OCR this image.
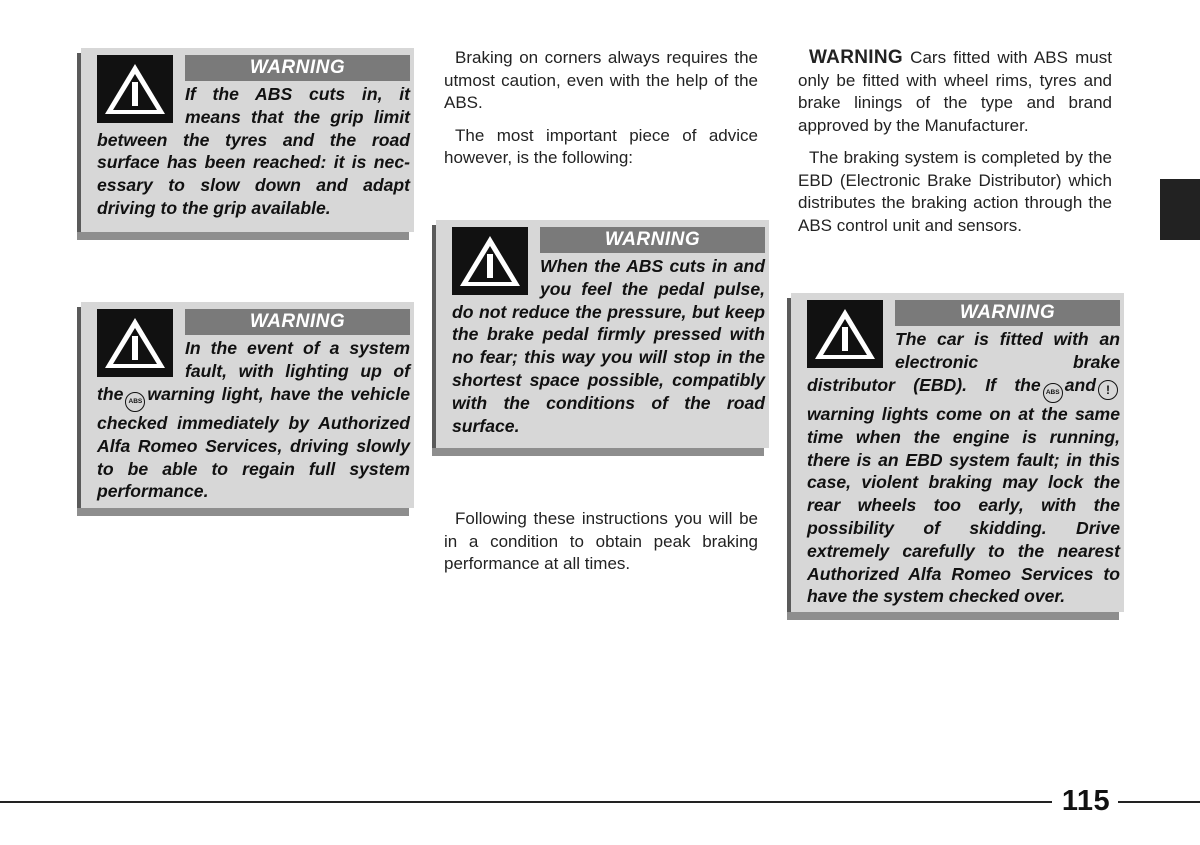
WARNING

If the ABS cuts in, it
means that the grip limit
between the tyres and the road
surface has been reached: it is nec-
essary to slow down and adapt
driving to the grip available.

WARNING

In the event of a system fault, with lighting up of the ABS warning light, have the vehicle checked immediately by Authorized Alfa Romeo Services, driving slowly to be able to regain full system performance.

Braking on corners always requires the utmost caution, even with the help of the ABS.

The most important piece of advice however, is the following:

WARNING

When the ABS cuts in and you feel the pedal pulse, do not reduce the pressure, but keep the brake pedal firmly pressed with no fear; this way you will stop in the shortest space possible, compatibly with the conditions of the road surface.

Following these instructions you will be in a condition to obtain peak braking performance at all times.

WARNING Cars fitted with ABS must only be fitted with wheel rims, tyres and brake linings of the type and brand approved by the Manufacturer.

The braking system is completed by the EBD (Electronic Brake Distributor) which distributes the braking action through the ABS control unit and sensors.

WARNING

The car is fitted with an electronic brake distributor (EBD). If the ABS and !warning lights come on at the same time when the engine is running, there is an EBD system fault; in this case, violent braking may lock the rear wheels too early, with the possibility of skidding. Drive extremely carefully to the nearest Authorized Alfa Romeo Services to have the system checked over.

115
